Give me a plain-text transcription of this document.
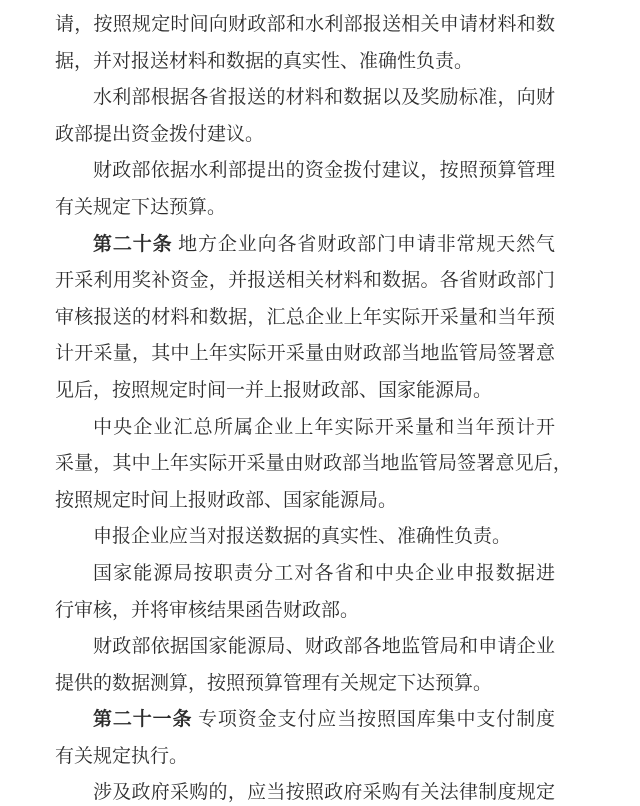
请，按照规定时间向财政部和水利部报送相关申请材料和数
据，并对报送材料和数据的真实性、准确性负责。
水利部根据各省报送的材料和数据以及奖励标准，向财
政部提出资金拨付建议。
财政部依据水利部提出的资金拨付建议，按照预算管理
有关规定下达预算。
第二十条 地方企业向各省财政部门申请非常规天然气
开采利用奖补资金，并报送相关材料和数据。各省财政部门
审核报送的材料和数据，汇总企业上年实际开采量和当年预
计开采量，其中上年实际开采量由财政部当地监管局签署意
见后，按照规定时间一并上报财政部、国家能源局。
中央企业汇总所属企业上年实际开采量和当年预计开
采量，其中上年实际开采量由财政部当地监管局签署意见后，
按照规定时间上报财政部、国家能源局。
申报企业应当对报送数据的真实性、准确性负责。
国家能源局按职责分工对各省和中央企业申报数据进
行审核，并将审核结果函告财政部。
财政部依据国家能源局、财政部各地监管局和申请企业
提供的数据测算，按照预算管理有关规定下达预算。
第二十一条 专项资金支付应当按照国库集中支付制度
有关规定执行。
涉及政府采购的，应当按照政府采购有关法律制度规定
